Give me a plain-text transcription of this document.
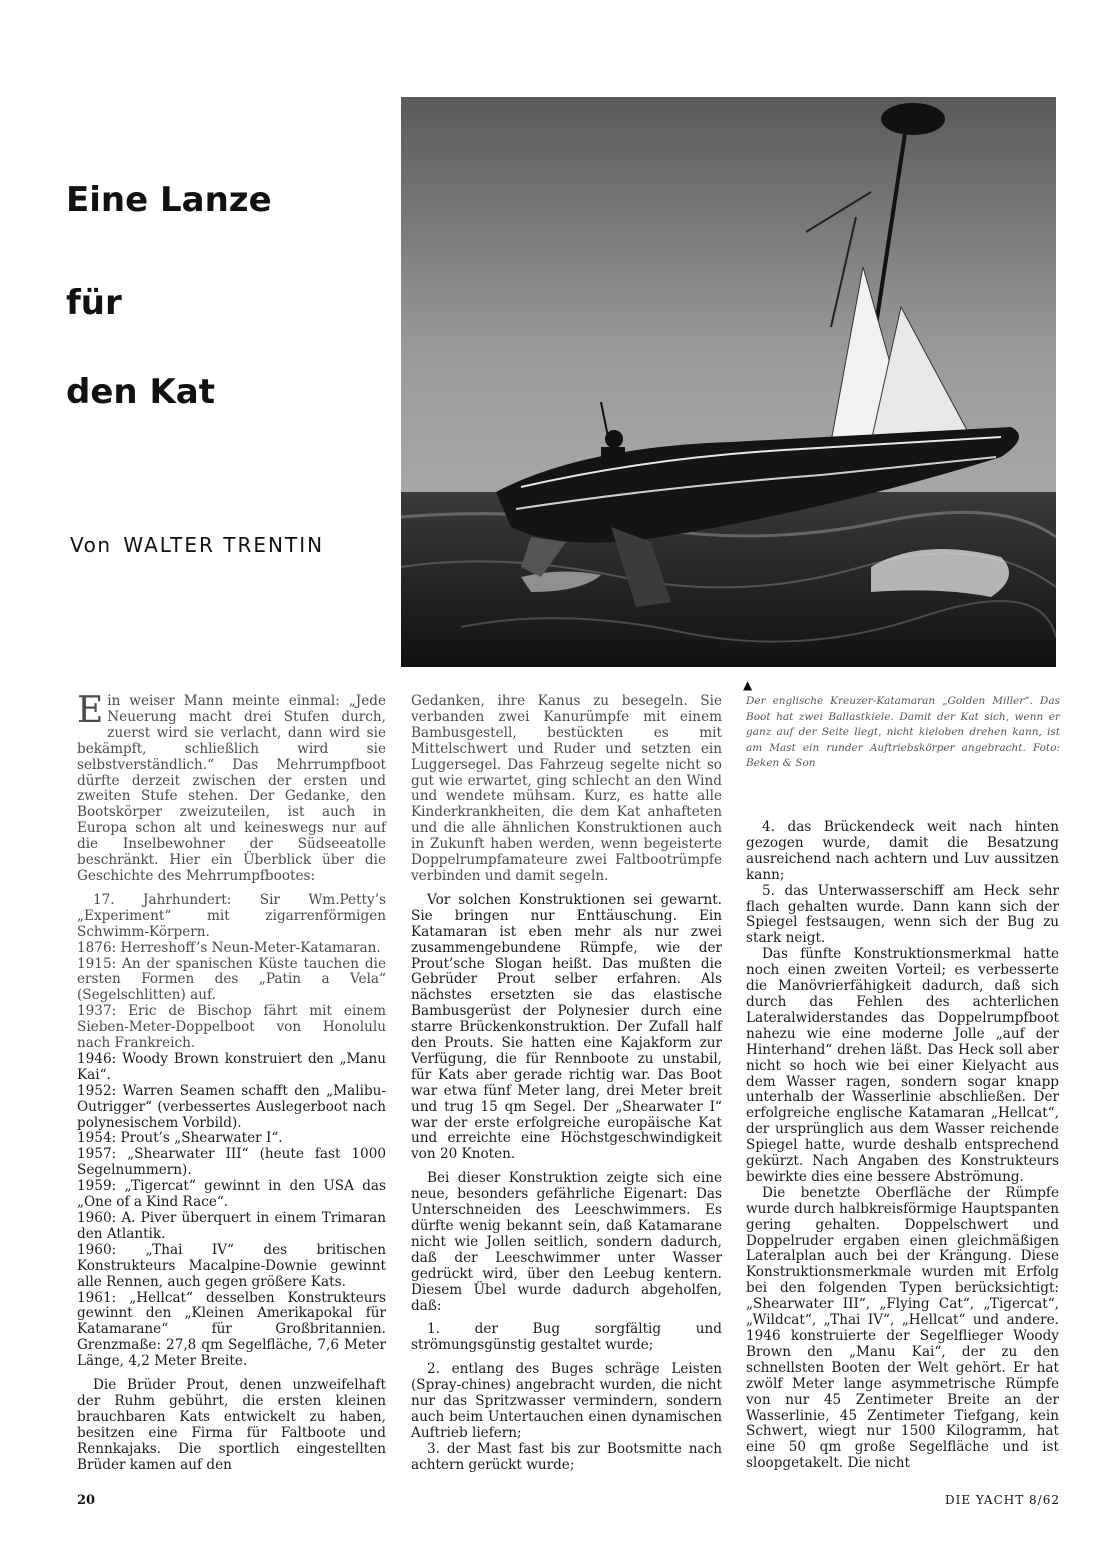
Eine Lanze
für
den Kat
Von WALTER TRENTIN
▲
Der englische Kreuzer-Katamaran „Golden Miller“. Das Boot hat zwei Ballastkiele. Damit der Kat sich, wenn er ganz auf der Seite liegt, nicht kieloben drehen kann, ist am Mast ein runder Auftriebskörper angebracht. Foto: Beken & Son

E in weiser Mann meinte einmal: „Jede Neuerung macht drei Stufen durch, zuerst wird sie verlacht, dann wird sie bekämpft, schließlich wird sie selbstverständlich.“ Das Mehrrumpfboot dürfte derzeit zwischen der ersten und zweiten Stufe stehen. Der Gedanke, den Bootskörper zweizuteilen, ist auch in Europa schon alt und keineswegs nur auf die Inselbewohner der Südseeatolle beschränkt. Hier ein Überblick über die Geschichte des Mehrrumpfbootes:

17. Jahrhundert: Sir Wm.Petty’s „Experiment“ mit zigarrenförmigen Schwimm-Körpern.

1876: Herreshoff’s Neun-Meter-Katamaran.

1915: An der spanischen Küste tauchen die ersten Formen des „Patin a Vela“ (Segelschlitten) auf.

1937: Eric de Bischop fährt mit einem Sieben-Meter-Doppelboot von Honolulu nach Frankreich.

1946: Woody Brown konstruiert den „Manu Kai“.

1952: Warren Seamen schafft den „Malibu-Outrigger“ (verbessertes Auslegerboot nach polynesischem Vorbild).

1954: Prout’s „Shearwater I“.

1957: „Shearwater III“ (heute fast 1000 Segelnummern).

1959: „Tigercat“ gewinnt in den USA das „One of a Kind Race“.

1960: A. Piver überquert in einem Trimaran den Atlantik.

1960: „Thai IV“ des britischen Konstrukteurs Macalpine-Downie gewinnt alle Rennen, auch gegen größere Kats.

1961: „Hellcat“ desselben Konstrukteurs gewinnt den „Kleinen Amerikapokal für Katamarane“ für Großbritannien. Grenzmaße: 27,8 qm Segelfläche, 7,6 Meter Länge, 4,2 Meter Breite.

Die Brüder Prout, denen unzweifelhaft der Ruhm gebührt, die ersten kleinen brauchbaren Kats entwickelt zu haben, besitzen eine Firma für Faltboote und Rennkajaks. Die sportlich eingestellten Brüder kamen auf den

Gedanken, ihre Kanus zu besegeln. Sie verbanden zwei Kanurümpfe mit einem Bambusgestell, bestückten es mit Mittelschwert und Ruder und setzten ein Luggersegel. Das Fahrzeug segelte nicht so gut wie erwartet, ging schlecht an den Wind und wendete mühsam. Kurz, es hatte alle Kinderkrankheiten, die dem Kat anhafteten und die alle ähnlichen Konstruktionen auch in Zukunft haben werden, wenn begeisterte Doppelrumpfamateure zwei Faltbootrümpfe verbinden und damit segeln.

Vor solchen Konstruktionen sei gewarnt. Sie bringen nur Enttäuschung. Ein Katamaran ist eben mehr als nur zwei zusammengebundene Rümpfe, wie der Prout’sche Slogan heißt. Das mußten die Gebrüder Prout selber erfahren. Als nächstes ersetzten sie das elastische Bambusgerüst der Polynesier durch eine starre Brückenkonstruktion. Der Zufall half den Prouts. Sie hatten eine Kajakform zur Verfügung, die für Rennboote zu unstabil, für Kats aber gerade richtig war. Das Boot war etwa fünf Meter lang, drei Meter breit und trug 15 qm Segel. Der „Shearwater I“ war der erste erfolgreiche europäische Kat und erreichte eine Höchstgeschwindigkeit von 20 Knoten.

Bei dieser Konstruktion zeigte sich eine neue, besonders gefährliche Eigenart: Das Unterschneiden des Leeschwimmers. Es dürfte wenig bekannt sein, daß Katamarane nicht wie Jollen seitlich, sondern dadurch, daß der Leeschwimmer unter Wasser gedrückt wird, über den Leebug kentern. Diesem Übel wurde dadurch abgeholfen, daß:

1. der Bug sorgfältig und strömungsgünstig gestaltet wurde;

2. entlang des Buges schräge Leisten (Spray-chines) angebracht wurden, die nicht nur das Spritzwasser vermindern, sondern auch beim Untertauchen einen dynamischen Auftrieb liefern;

3. der Mast fast bis zur Bootsmitte nach achtern gerückt wurde;

4. das Brückendeck weit nach hinten gezogen wurde, damit die Besatzung ausreichend nach achtern und Luv aussitzen kann;

5. das Unterwasserschiff am Heck sehr flach gehalten wurde. Dann kann sich der Spiegel festsaugen, wenn sich der Bug zu stark neigt.

Das fünfte Konstruktionsmerkmal hatte noch einen zweiten Vorteil; es verbesserte die Manövrierfähigkeit dadurch, daß sich durch das Fehlen des achterlichen Lateralwiderstandes das Doppelrumpfboot nahezu wie eine moderne Jolle „auf der Hinterhand“ drehen läßt. Das Heck soll aber nicht so hoch wie bei einer Kielyacht aus dem Wasser ragen, sondern sogar knapp unterhalb der Wasserlinie abschließen. Der erfolgreiche englische Katamaran „Hellcat“, der ursprünglich aus dem Wasser reichende Spiegel hatte, wurde deshalb entsprechend gekürzt. Nach Angaben des Konstrukteurs bewirkte dies eine bessere Abströmung.

Die benetzte Oberfläche der Rümpfe wurde durch halbkreisförmige Hauptspanten gering gehalten. Doppelschwert und Doppelruder ergaben einen gleichmäßigen Lateralplan auch bei der Krängung. Diese Konstruktionsmerkmale wurden mit Erfolg bei den folgenden Typen berücksichtigt: „Shearwater III“, „Flying Cat“, „Tigercat“, „Wildcat“, „Thai IV“, „Hellcat“ und andere. 1946 konstruierte der Segelflieger Woody Brown den „Manu Kai“, der zu den schnellsten Booten der Welt gehört. Er hat zwölf Meter lange asymmetrische Rümpfe von nur 45 Zentimeter Breite an der Wasserlinie, 45 Zentimeter Tiefgang, kein Schwert, wiegt nur 1500 Kilogramm, hat eine 50 qm große Segelfläche und ist sloopgetakelt. Die nicht

20	DIE YACHT 8/62
